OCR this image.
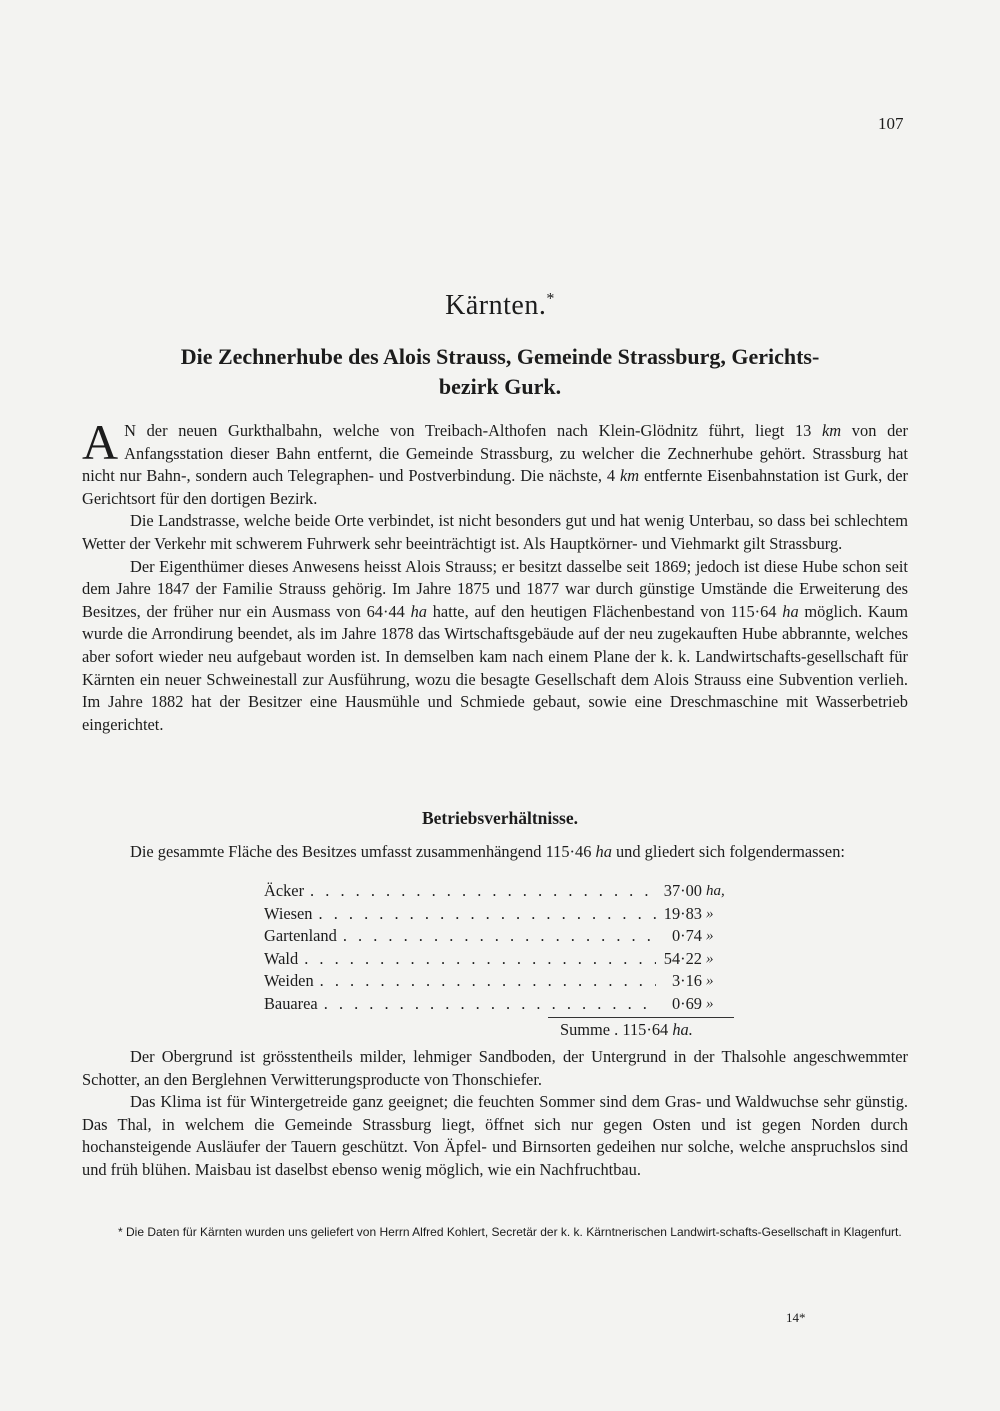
107
Kärnten.*
Die Zechnerhube des Alois Strauss, Gemeinde Strassburg, Gerichts-
bezirk Gurk.

A N der neuen Gurkthalbahn, welche von Treibach-Althofen nach Klein-Glödnitz führt, liegt 13 km von der Anfangsstation dieser Bahn entfernt, die Gemeinde Strassburg, zu welcher die Zechnerhube gehört. Strassburg hat nicht nur Bahn-, sondern auch Telegraphen- und Postverbindung. Die nächste, 4 km entfernte Eisenbahnstation ist Gurk, der Gerichtsort für den dortigen Bezirk.

Die Landstrasse, welche beide Orte verbindet, ist nicht besonders gut und hat wenig Unterbau, so dass bei schlechtem Wetter der Verkehr mit schwerem Fuhrwerk sehr beeinträchtigt ist. Als Hauptkörner- und Viehmarkt gilt Strassburg.

Der Eigenthümer dieses Anwesens heisst Alois Strauss; er besitzt dasselbe seit 1869; jedoch ist diese Hube schon seit dem Jahre 1847 der Familie Strauss gehörig. Im Jahre 1875 und 1877 war durch günstige Umstände die Erweiterung des Besitzes, der früher nur ein Ausmass von 64·44 ha hatte, auf den heutigen Flächenbestand von 115·64 ha möglich. Kaum wurde die Arrondirung beendet, als im Jahre 1878 das Wirtschaftsgebäude auf der neu zugekauften Hube abbrannte, welches aber sofort wieder neu aufgebaut worden ist. In demselben kam nach einem Plane der k. k. Landwirtschafts-gesellschaft für Kärnten ein neuer Schweinestall zur Ausführung, wozu die besagte Gesellschaft dem Alois Strauss eine Subvention verlieh. Im Jahre 1882 hat der Besitzer eine Hausmühle und Schmiede gebaut, sowie eine Dreschmaschine mit Wasserbetrieb eingerichtet.

Betriebsverhältnisse.

Die gesammte Fläche des Besitzes umfasst zusammenhängend 115·46 ha und gliedert sich folgendermassen:

Äcker . . .	37·00 ha,
Wiesen . . .	19·83 »
Gartenland . . .	0·74 »
Wald . . .	54·22 »
Weiden . . .	3·16 »
Bauarea . . .	0·69 »
Summe . 115·64 ha.

Der Obergrund ist grösstentheils milder, lehmiger Sandboden, der Untergrund in der Thalsohle angeschwemmter Schotter, an den Berglehnen Verwitterungsproducte von Thonschiefer.

Das Klima ist für Wintergetreide ganz geeignet; die feuchten Sommer sind dem Gras- und Waldwuchse sehr günstig. Das Thal, in welchem die Gemeinde Strassburg liegt, öffnet sich nur gegen Osten und ist gegen Norden durch hochansteigende Ausläufer der Tauern geschützt. Von Äpfel- und Birnsorten gedeihen nur solche, welche anspruchslos sind und früh blühen. Maisbau ist daselbst ebenso wenig möglich, wie ein Nachfruchtbau.

* Die Daten für Kärnten wurden uns geliefert von Herrn Alfred Kohlert, Secretär der k. k. Kärntnerischen Landwirt-schafts-Gesellschaft in Klagenfurt.
14*
